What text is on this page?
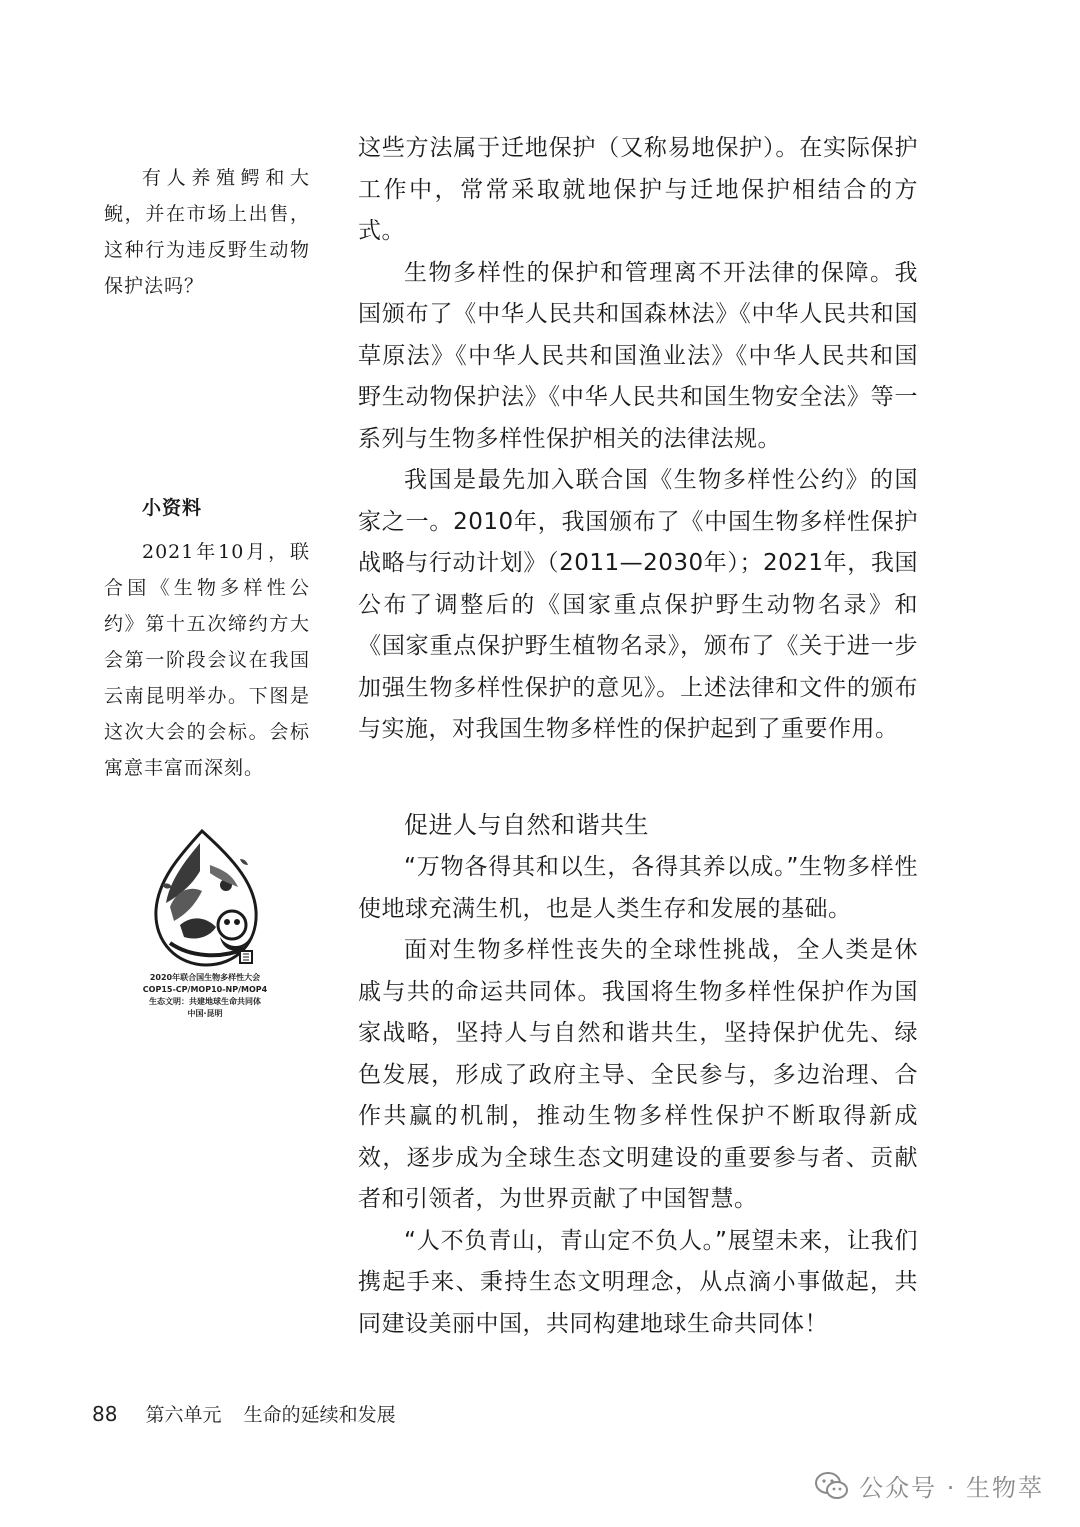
有人养殖鳄和大鲵，并在市场上出售，这种行为违反野生动物保护法吗？

小资料

2021年10月，联合国《生物多样性公约》第十五次缔约方大会第一阶段会议在我国云南昆明举办。下图是这次大会的会标。会标寓意丰富而深刻。

2020年联合国生物多样性大会
COP15-CP/MOP10-NP/MOP4
生态文明：共建地球生命共同体
中国·昆明

这些方法属于迁地保护（又称易地保护）。在实际保护工作中，常常采取就地保护与迁地保护相结合的方式。

生物多样性的保护和管理离不开法律的保障。我国颁布了《中华人民共和国森林法》《中华人民共和国草原法》《中华人民共和国渔业法》《中华人民共和国野生动物保护法》《中华人民共和国生物安全法》等一系列与生物多样性保护相关的法律法规。

我国是最先加入联合国《生物多样性公约》的国家之一。2010年，我国颁布了《中国生物多样性保护战略与行动计划》（2011—2030年）；2021年，我国公布了调整后的《国家重点保护野生动物名录》和《国家重点保护野生植物名录》，颁布了《关于进一步加强生物多样性保护的意见》。上述法律和文件的颁布与实施，对我国生物多样性的保护起到了重要作用。

促进人与自然和谐共生

“万物各得其和以生，各得其养以成。”生物多样性使地球充满生机，也是人类生存和发展的基础。

面对生物多样性丧失的全球性挑战，全人类是休戚与共的命运共同体。我国将生物多样性保护作为国家战略，坚持人与自然和谐共生，坚持保护优先、绿色发展，形成了政府主导、全民参与，多边治理、合作共赢的机制，推动生物多样性保护不断取得新成效，逐步成为全球生态文明建设的重要参与者、贡献者和引领者，为世界贡献了中国智慧。

“人不负青山，青山定不负人。”展望未来，让我们携起手来、秉持生态文明理念，从点滴小事做起，共同建设美丽中国，共同构建地球生命共同体！

88 第六单元 生命的延续和发展
公众号 · 生物萃
